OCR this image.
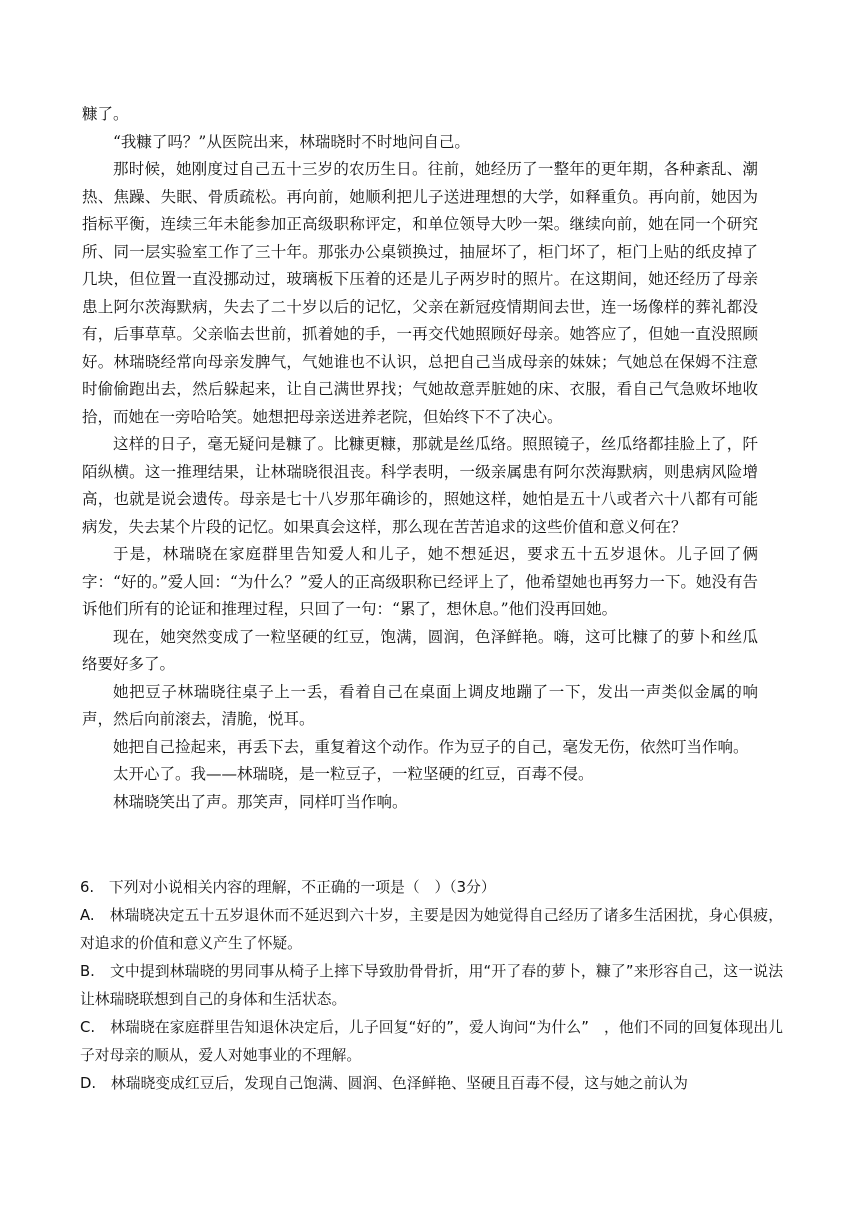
糠了。

“我糠了吗？”从医院出来，林瑞晓时不时地问自己。

那时候，她刚度过自己五十三岁的农历生日。往前，她经历了一整年的更年期，各种紊乱、潮热、焦躁、失眠、骨质疏松。再向前，她顺利把儿子送进理想的大学，如释重负。再向前，她因为指标平衡，连续三年未能参加正高级职称评定，和单位领导大吵一架。继续向前，她在同一个研究所、同一层实验室工作了三十年。那张办公桌锁换过，抽屉坏了，柜门坏了，柜门上贴的纸皮掉了几块，但位置一直没挪动过，玻璃板下压着的还是儿子两岁时的照片。在这期间，她还经历了母亲患上阿尔茨海默病，失去了二十岁以后的记忆，父亲在新冠疫情期间去世，连一场像样的葬礼都没有，后事草草。父亲临去世前，抓着她的手，一再交代她照顾好母亲。她答应了，但她一直没照顾好。林瑞晓经常向母亲发脾气，气她谁也不认识，总把自己当成母亲的妹妹；气她总在保姆不注意时偷偷跑出去，然后躲起来，让自己满世界找；气她故意弄脏她的床、衣服，看自己气急败坏地收拾，而她在一旁哈哈笑。她想把母亲送进养老院，但始终下不了决心。

这样的日子，毫无疑问是糠了。比糠更糠，那就是丝瓜络。照照镜子，丝瓜络都挂脸上了，阡陌纵横。这一推理结果，让林瑞晓很沮丧。科学表明，一级亲属患有阿尔茨海默病，则患病风险增高，也就是说会遗传。母亲是七十八岁那年确诊的，照她这样，她怕是五十八或者六十八都有可能病发，失去某个片段的记忆。如果真会这样，那么现在苦苦追求的这些价值和意义何在？

于是，林瑞晓在家庭群里告知爱人和儿子，她不想延迟，要求五十五岁退休。儿子回了俩字：“好的。”爱人回：“为什么？”爱人的正高级职称已经评上了，他希望她也再努力一下。她没有告诉他们所有的论证和推理过程，只回了一句：“累了，想休息。”他们没再回她。

现在，她突然变成了一粒坚硬的红豆，饱满，圆润，色泽鲜艳。嗨，这可比糠了的萝卜和丝瓜络要好多了。

她把豆子林瑞晓往桌子上一丢，看着自己在桌面上调皮地蹦了一下，发出一声类似金属的响声，然后向前滚去，清脆，悦耳。

她把自己捡起来，再丢下去，重复着这个动作。作为豆子的自己，毫发无伤，依然叮当作响。

太开心了。我——林瑞晓，是一粒豆子，一粒坚硬的红豆，百毒不侵。

林瑞晓笑出了声。那笑声，同样叮当作响。

6.　下列对小说相关内容的理解，不正确的一项是（　）（3分）

A.　林瑞晓决定五十五岁退休而不延迟到六十岁，主要是因为她觉得自己经历了诸多生活困扰，身心俱疲，对追求的价值和意义产生了怀疑。

B.　文中提到林瑞晓的男同事从椅子上摔下导致肋骨骨折，用“开了春的萝卜，糠了”来形容自己，这一说法让林瑞晓联想到自己的身体和生活状态。

C.　林瑞晓在家庭群里告知退休决定后，儿子回复“好的”，爱人询问“为什么”　，他们不同的回复体现出儿子对母亲的顺从，爱人对她事业的不理解。

D.　林瑞晓变成红豆后，发现自己饱满、圆润、色泽鲜艳、坚硬且百毒不侵，这与她之前认为
